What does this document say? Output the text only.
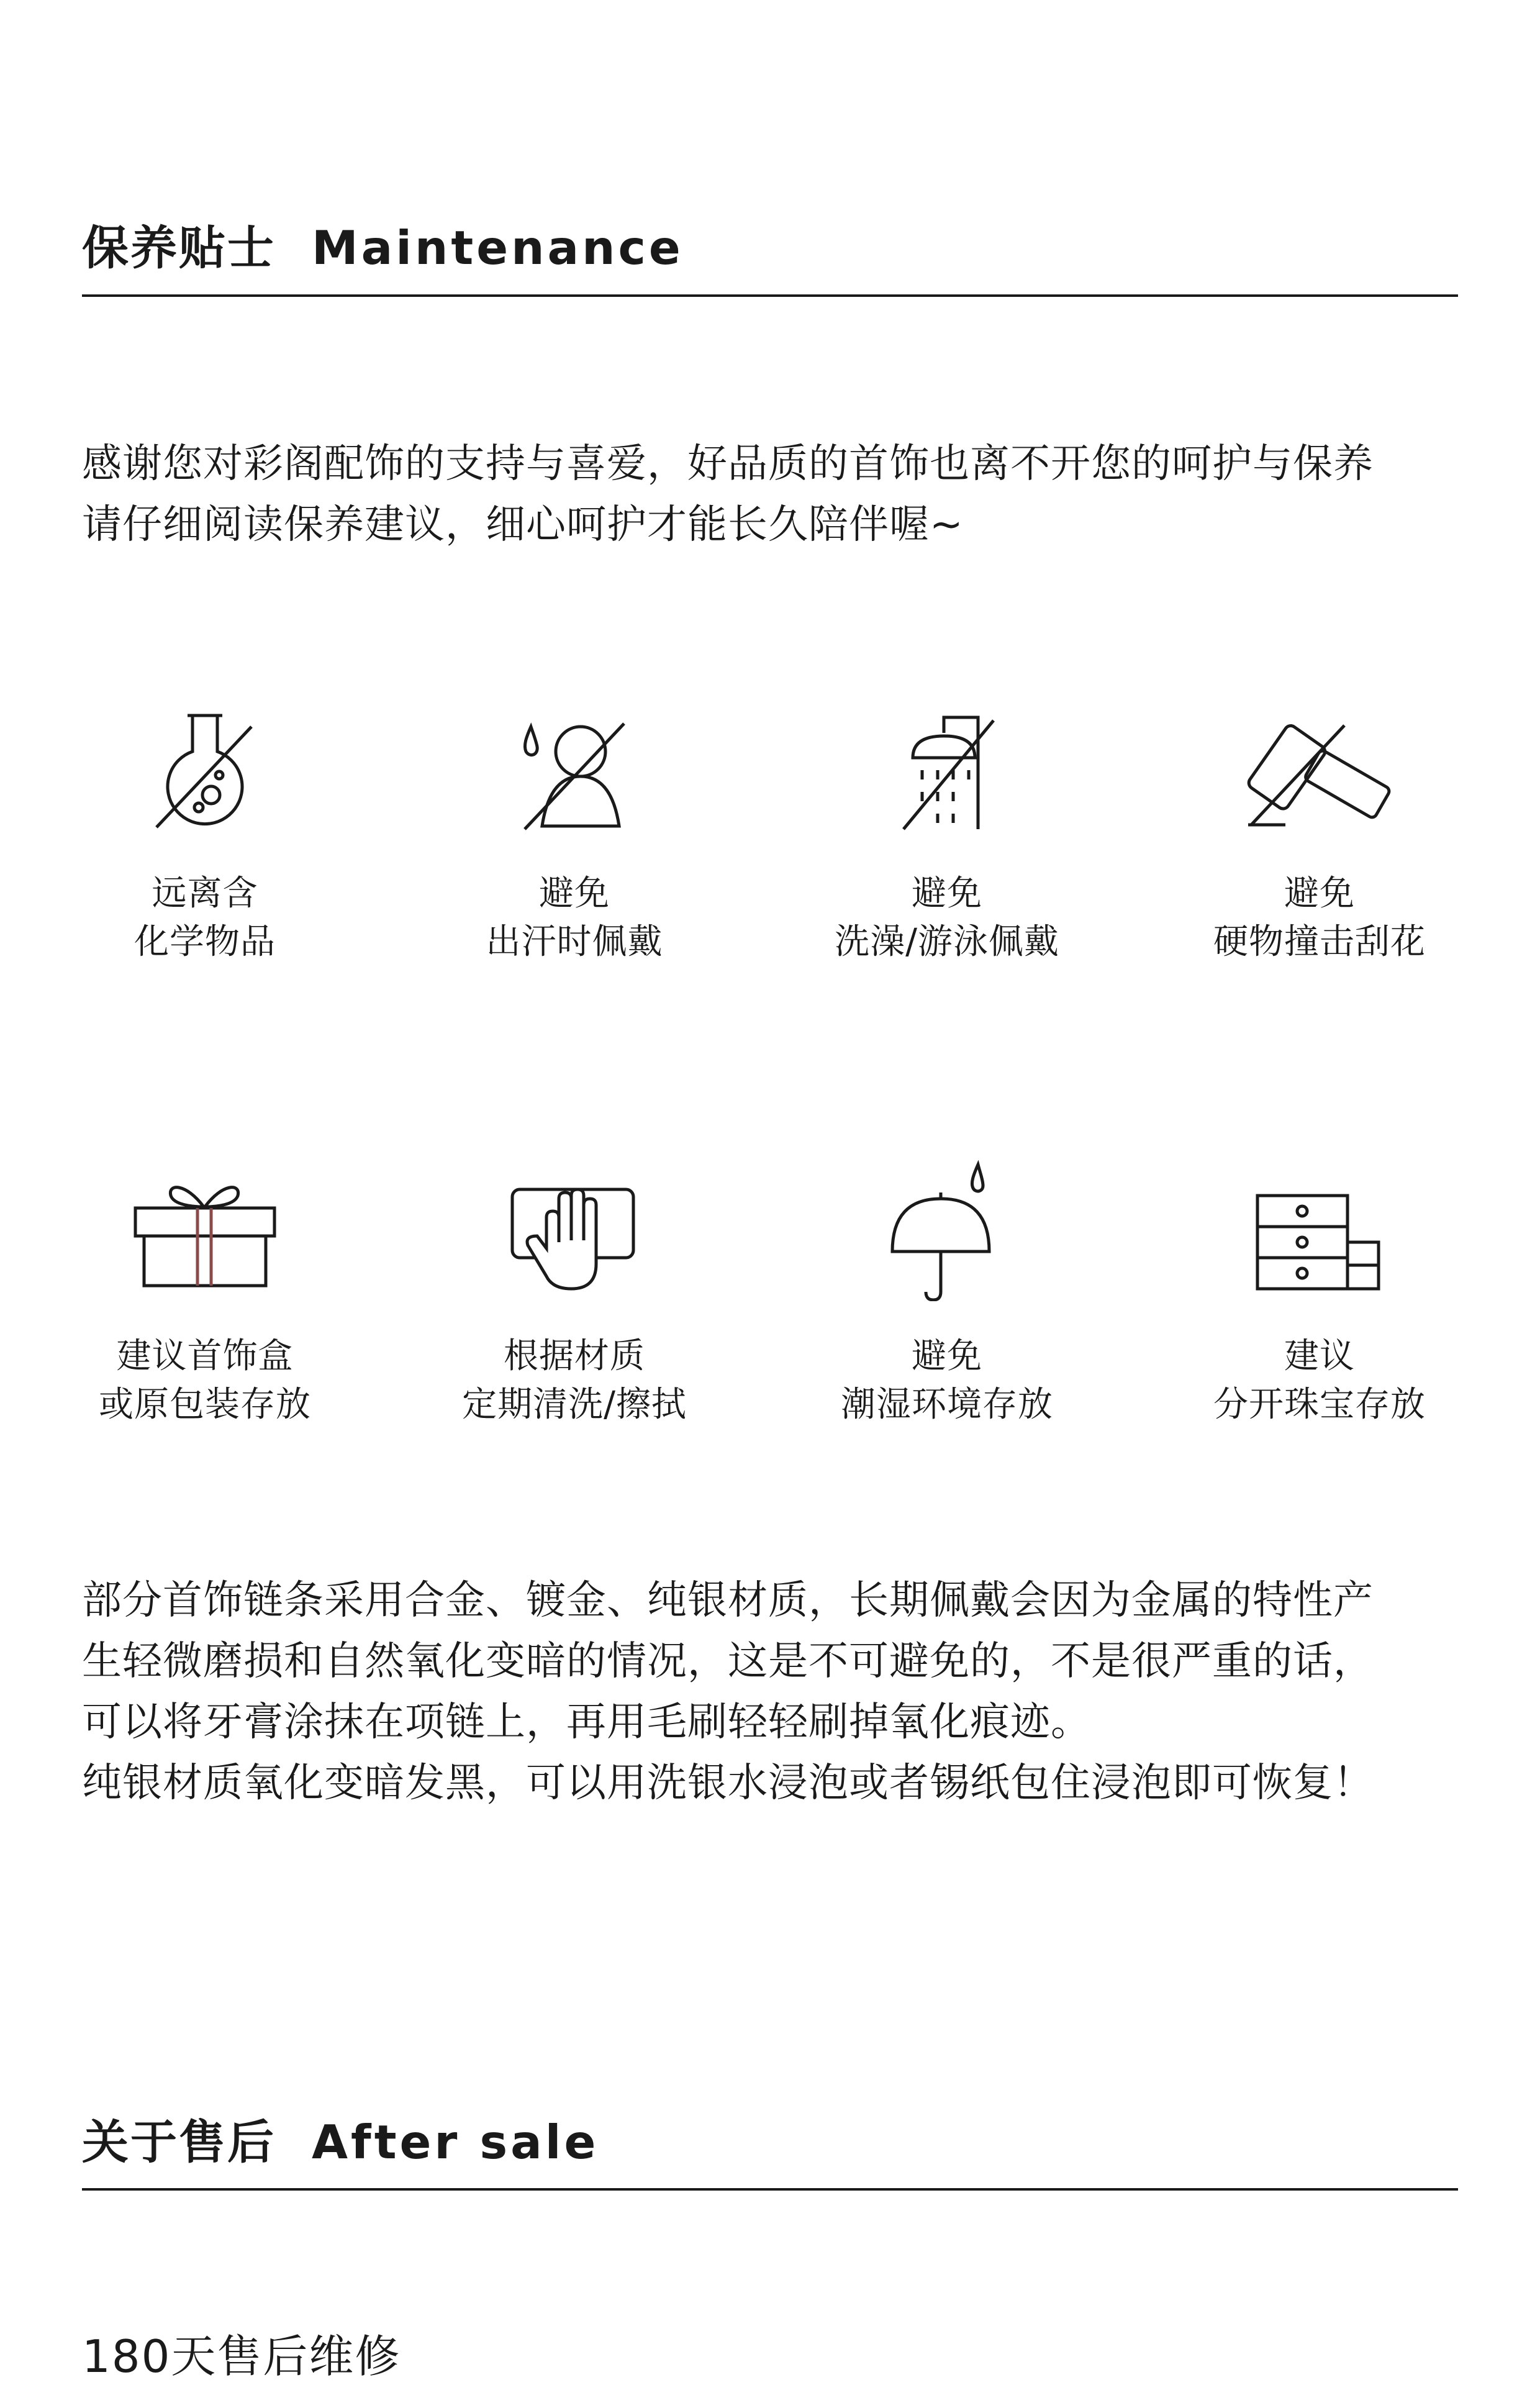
保养贴士 Maintenance

感谢您对彩阁配饰的支持与喜爱，好品质的首饰也离不开您的呵护与保养

请仔细阅读保养建议，细心呵护才能长久陪伴喔~

远离含
化学物品
避免
出汗时佩戴
避免
洗澡/游泳佩戴
避免
硬物撞击刮花
建议首饰盒
或原包装存放
根据材质
定期清洗/擦拭
避免
潮湿环境存放
建议
分开珠宝存放

部分首饰链条采用合金、镀金、纯银材质，长期佩戴会因为金属的特性产

生轻微磨损和自然氧化变暗的情况，这是不可避免的，不是很严重的话，

可以将牙膏涂抹在项链上，再用毛刷轻轻刷掉氧化痕迹。

纯银材质氧化变暗发黑，可以用洗银水浸泡或者锡纸包住浸泡即可恢复！

关于售后 After sale
180天售后维修
